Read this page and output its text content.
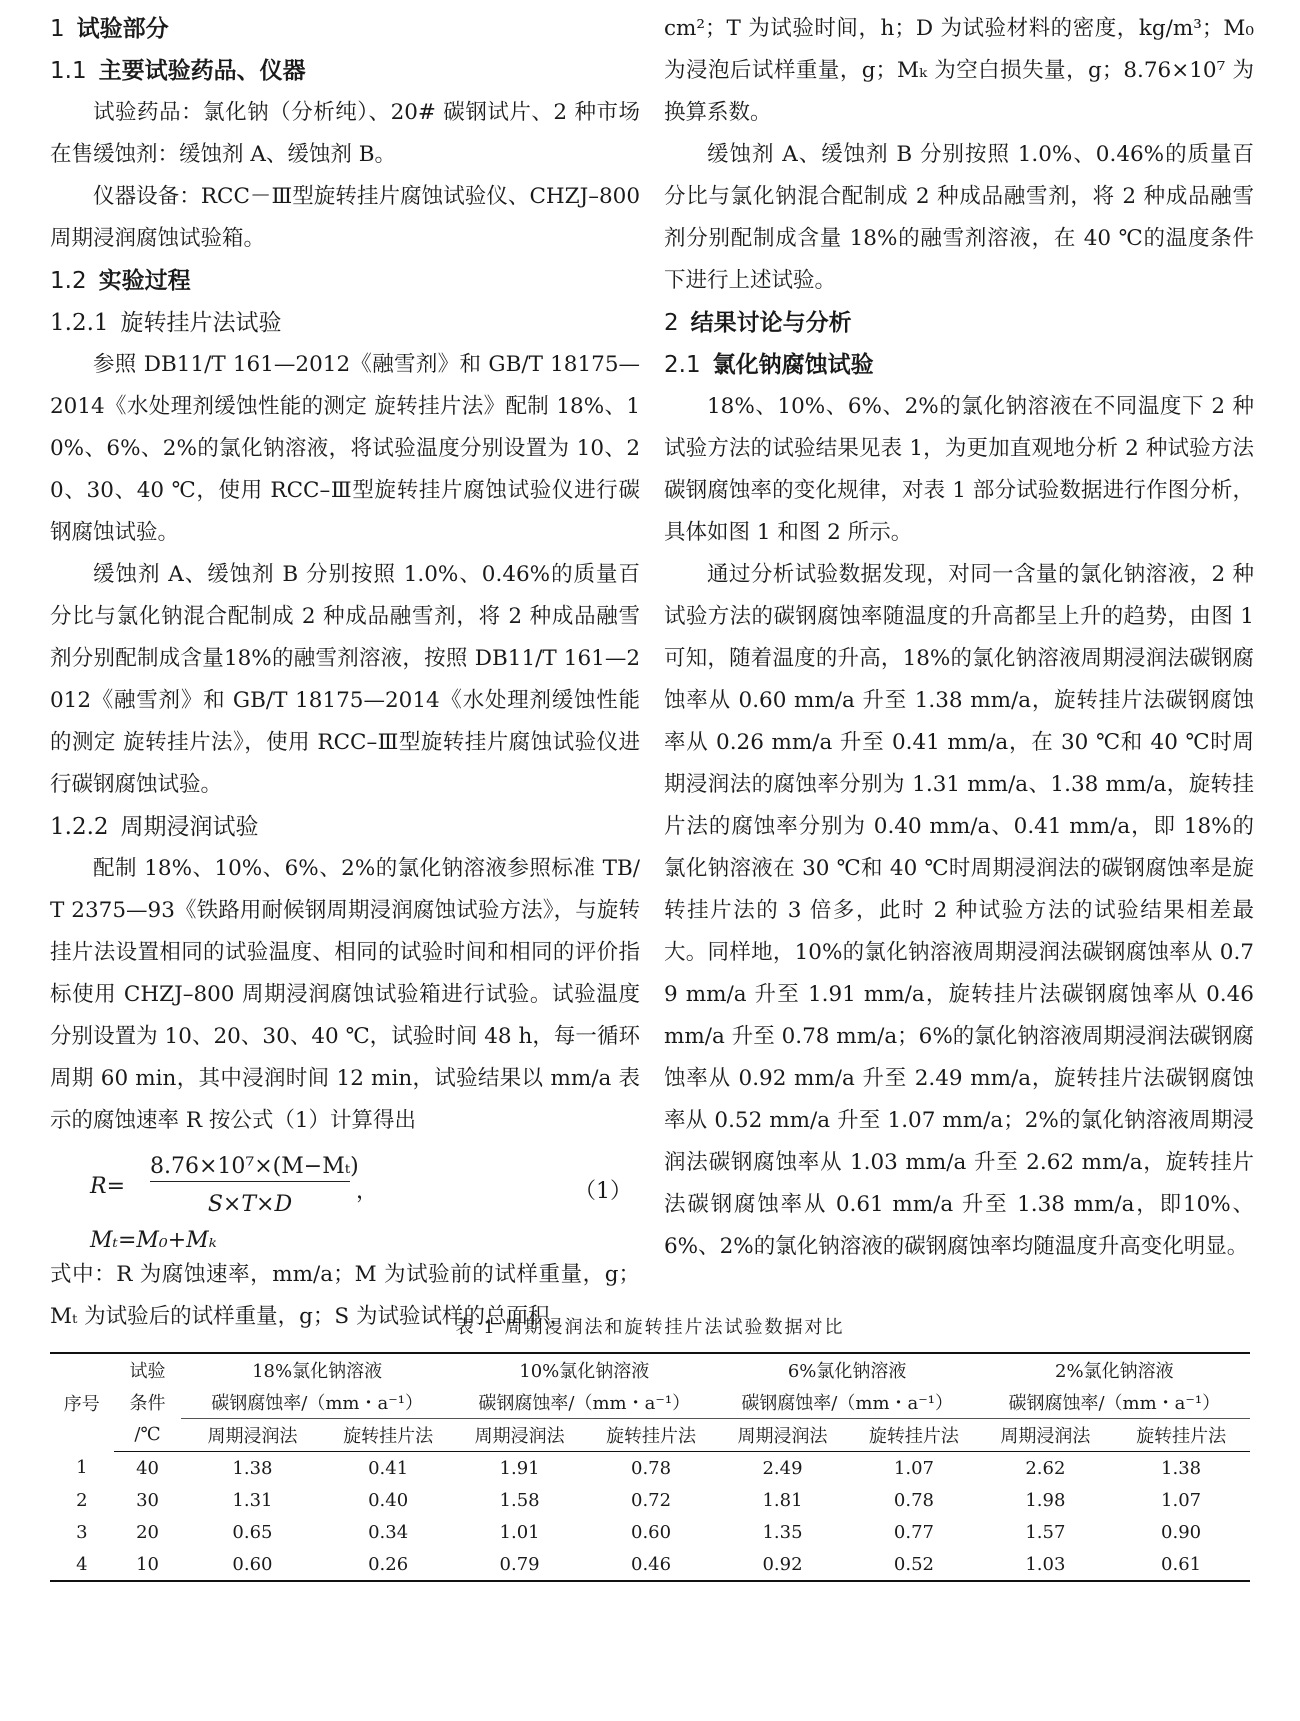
1 试验部分
1.1 主要试验药品、仪器

试验药品：氯化钠（分析纯）、20# 碳钢试片、2 种市场在售缓蚀剂：缓蚀剂 A、缓蚀剂 B。

仪器设备：RCC－Ⅲ型旋转挂片腐蚀试验仪、CHZJ–800 周期浸润腐蚀试验箱。

1.2 实验过程
1.2.1 旋转挂片法试验

参照 DB11/T 161—2012《融雪剂》和 GB/T 18175—2014《水处理剂缓蚀性能的测定 旋转挂片法》配制 18%、10%、6%、2%的氯化钠溶液，将试验温度分别设置为 10、20、30、40 ℃，使用 RCC–Ⅲ型旋转挂片腐蚀试验仪进行碳钢腐蚀试验。

缓蚀剂 A、缓蚀剂 B 分别按照 1.0%、0.46%的质量百分比与氯化钠混合配制成 2 种成品融雪剂，将 2 种成品融雪剂分别配制成含量18%的融雪剂溶液，按照 DB11/T 161—2012《融雪剂》和 GB/T 18175—2014《水处理剂缓蚀性能的测定 旋转挂片法》，使用 RCC–Ⅲ型旋转挂片腐蚀试验仪进行碳钢腐蚀试验。

1.2.2 周期浸润试验

配制 18%、10%、6%、2%的氯化钠溶液参照标准 TB/T 2375—93《铁路用耐候钢周期浸润腐蚀试验方法》，与旋转挂片法设置相同的试验温度、相同的试验时间和相同的评价指标使用 CHZJ–800 周期浸润腐蚀试验箱进行试验。试验温度分别设置为 10、20、30、40 ℃，试验时间 48 h，每一循环周期 60 min，其中浸润时间 12 min，试验结果以 mm/a 表示的腐蚀速率 R 按公式（1）计算得出

R=
8.76×10⁷×(M−Mₜ)
S×T×D
，	（1）
Mₜ=M₀+Mₖ

式中：R 为腐蚀速率，mm/a；M 为试验前的试样重量，g；Mₜ 为试验后的试样重量，g；S 为试验试样的总面积，

cm²；T 为试验时间，h；D 为试验材料的密度，kg/m³；M₀ 为浸泡后试样重量，g；Mₖ 为空白损失量，g；8.76×10⁷ 为换算系数。

缓蚀剂 A、缓蚀剂 B 分别按照 1.0%、0.46%的质量百分比与氯化钠混合配制成 2 种成品融雪剂，将 2 种成品融雪剂分别配制成含量 18%的融雪剂溶液，在 40 ℃的温度条件下进行上述试验。

2 结果讨论与分析
2.1 氯化钠腐蚀试验

18%、10%、6%、2%的氯化钠溶液在不同温度下 2 种试验方法的试验结果见表 1，为更加直观地分析 2 种试验方法碳钢腐蚀率的变化规律，对表 1 部分试验数据进行作图分析，具体如图 1 和图 2 所示。

通过分析试验数据发现，对同一含量的氯化钠溶液，2 种试验方法的碳钢腐蚀率随温度的升高都呈上升的趋势，由图 1 可知，随着温度的升高，18%的氯化钠溶液周期浸润法碳钢腐蚀率从 0.60 mm/a 升至 1.38 mm/a，旋转挂片法碳钢腐蚀率从 0.26 mm/a 升至 0.41 mm/a，在 30 ℃和 40 ℃时周期浸润法的腐蚀率分别为 1.31 mm/a、1.38 mm/a，旋转挂片法的腐蚀率分别为 0.40 mm/a、0.41 mm/a，即 18%的氯化钠溶液在 30 ℃和 40 ℃时周期浸润法的碳钢腐蚀率是旋转挂片法的 3 倍多，此时 2 种试验方法的试验结果相差最大。同样地，10%的氯化钠溶液周期浸润法碳钢腐蚀率从 0.79 mm/a 升至 1.91 mm/a，旋转挂片法碳钢腐蚀率从 0.46 mm/a 升至 0.78 mm/a；6%的氯化钠溶液周期浸润法碳钢腐蚀率从 0.92 mm/a 升至 2.49 mm/a，旋转挂片法碳钢腐蚀率从 0.52 mm/a 升至 1.07 mm/a；2%的氯化钠溶液周期浸润法碳钢腐蚀率从 1.03 mm/a 升至 2.62 mm/a，旋转挂片法碳钢腐蚀率从 0.61 mm/a 升至 1.38 mm/a，即10%、6%、2%的氯化钠溶液的碳钢腐蚀率均随温度升高变化明显。

表 1 周期浸润法和旋转挂片法试验数据对比
序号	试验	18%氯化钠溶液		10%氯化钠溶液		6%氯化钠溶液		2%氯化钠溶液	
	条件	碳钢腐蚀率/（mm・a⁻¹）		碳钢腐蚀率/（mm・a⁻¹）		碳钢腐蚀率/（mm・a⁻¹）		碳钢腐蚀率/（mm・a⁻¹）	
	/℃	周期浸润法	旋转挂片法	周期浸润法	旋转挂片法	周期浸润法	旋转挂片法	周期浸润法	旋转挂片法
1	40	1.38	0.41	1.91	0.78	2.49	1.07	2.62	1.38
2	30	1.31	0.40	1.58	0.72	1.81	0.78	1.98	1.07
3	20	0.65	0.34	1.01	0.60	1.35	0.77	1.57	0.90
4	10	0.60	0.26	0.79	0.46	0.92	0.52	1.03	0.61
